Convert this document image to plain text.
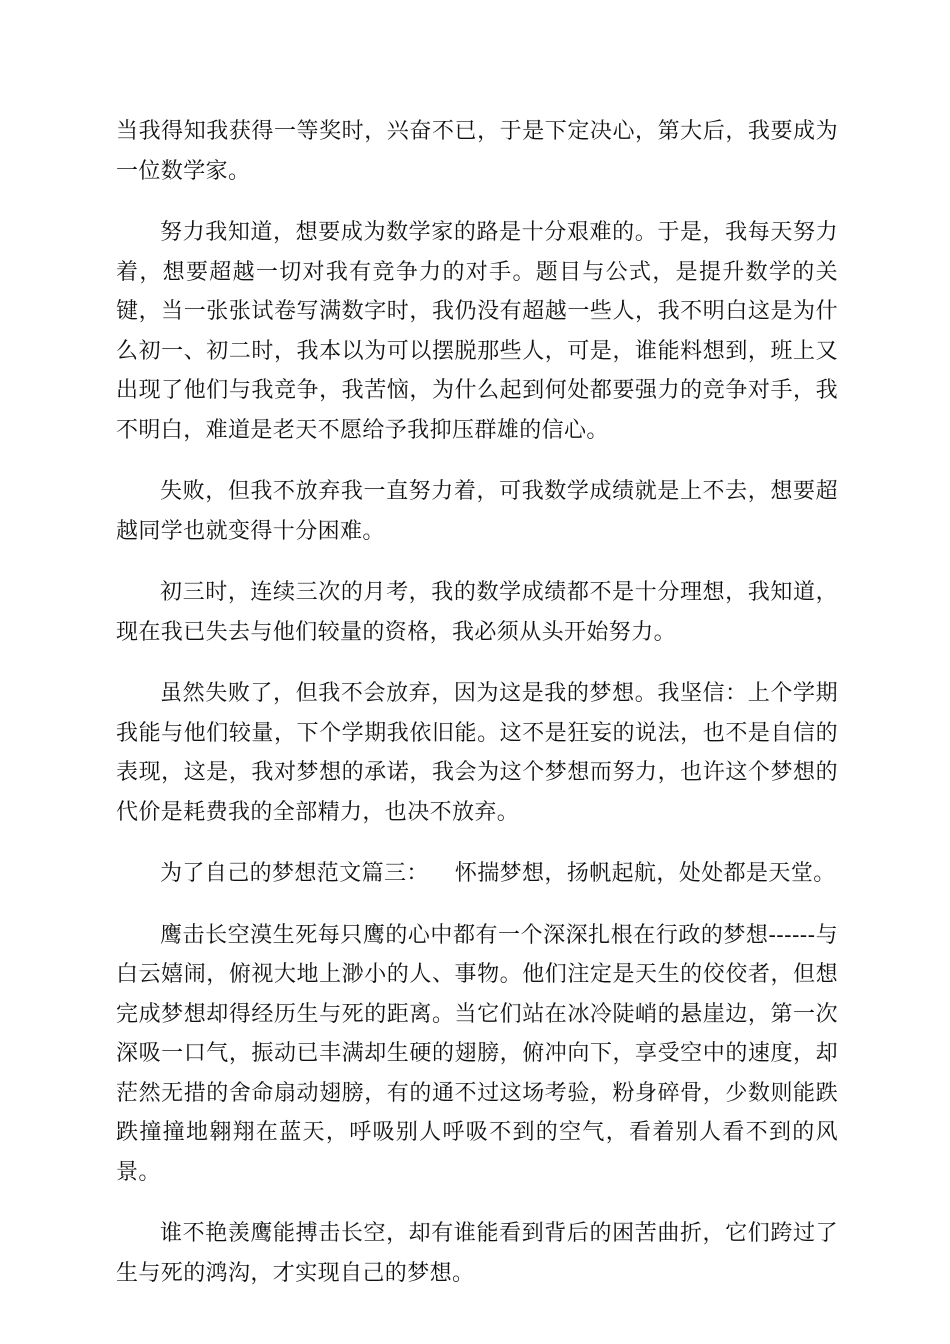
当我得知我获得一等奖时，兴奋不已，于是下定决心，第大后，我要成为一位数学家。

努力我知道，想要成为数学家的路是十分艰难的。于是，我每天努力着，想要超越一切对我有竞争力的对手。题目与公式，是提升数学的关键，当一张张试卷写满数字时，我仍没有超越一些人，我不明白这是为什么初一、初二时，我本以为可以摆脱那些人，可是，谁能料想到，班上又出现了他们与我竞争，我苦恼，为什么起到何处都要强力的竞争对手，我不明白，难道是老天不愿给予我抑压群雄的信心。

失败，但我不放弃我一直努力着，可我数学成绩就是上不去，想要超越同学也就变得十分困难。

初三时，连续三次的月考，我的数学成绩都不是十分理想，我知道，现在我已失去与他们较量的资格，我必须从头开始努力。

虽然失败了，但我不会放弃，因为这是我的梦想。我坚信：上个学期我能与他们较量，下个学期我依旧能。这不是狂妄的说法，也不是自信的表现，这是，我对梦想的承诺，我会为这个梦想而努力，也许这个梦想的代价是耗费我的全部精力，也决不放弃。

为了自己的梦想范文篇三： 怀揣梦想，扬帆起航，处处都是天堂。

鹰击长空漠生死每只鹰的心中都有一个深深扎根在行政的梦想------与白云嬉闹，俯视大地上渺小的人、事物。他们注定是天生的佼佼者，但想完成梦想却得经历生与死的距离。当它们站在冰冷陡峭的悬崖边，第一次深吸一口气，振动已丰满却生硬的翅膀，俯冲向下，享受空中的速度，却茫然无措的舍命扇动翅膀，有的通不过这场考验，粉身碎骨，少数则能跌跌撞撞地翱翔在蓝天，呼吸别人呼吸不到的空气，看着别人看不到的风景。

谁不艳羡鹰能搏击长空，却有谁能看到背后的困苦曲折，它们跨过了生与死的鸿沟，才实现自己的梦想。
